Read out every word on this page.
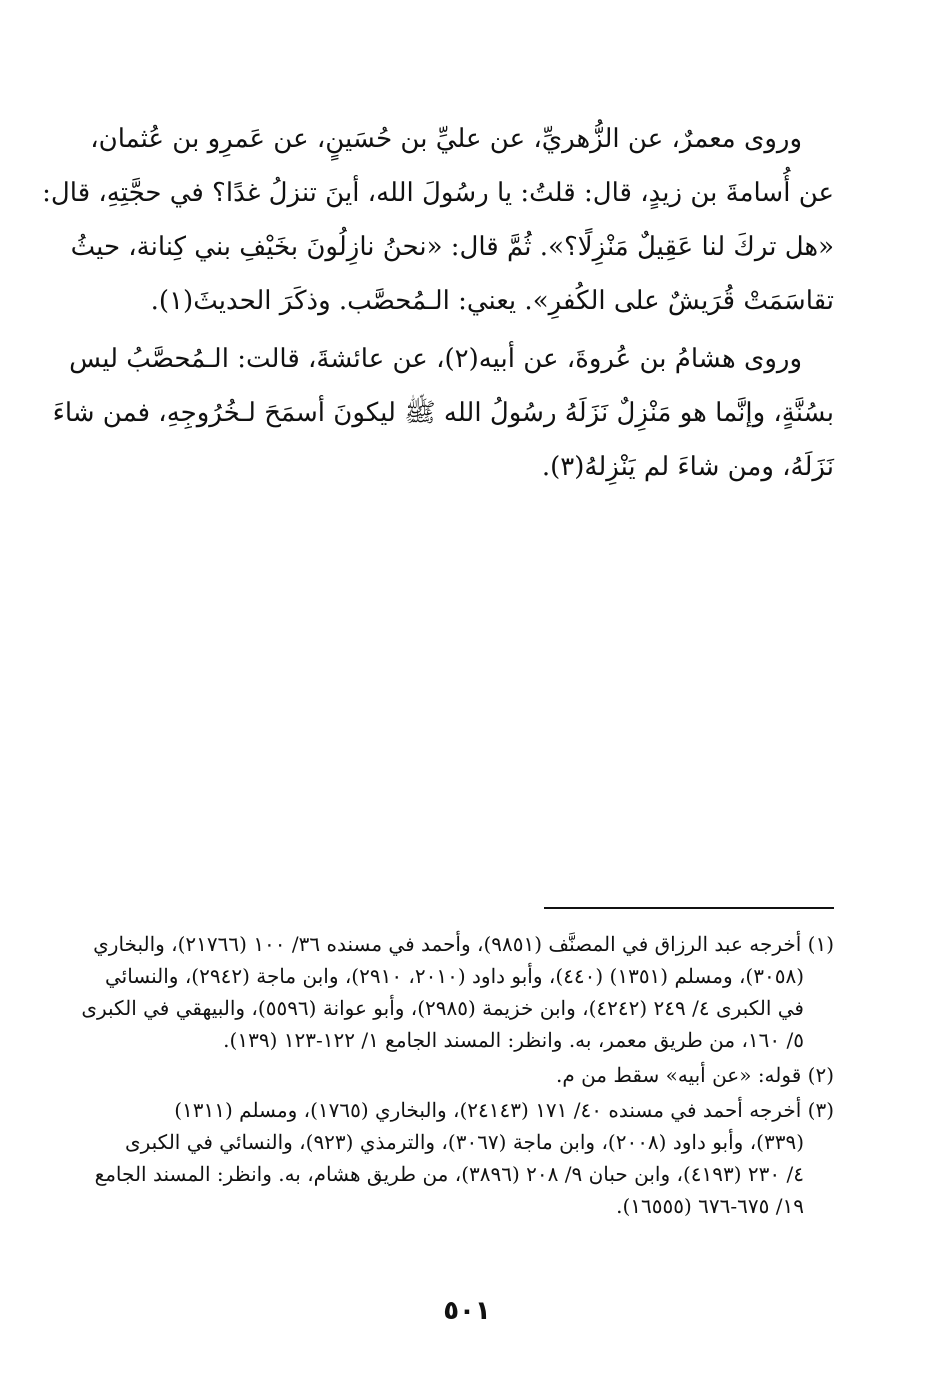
وروى معمرٌ، عن الزُّهريِّ، عن عليِّ بن حُسَينٍ، عن عَمرِو بن عُثمان،
عن أُسامةَ بن زيدٍ، قال: قلتُ: يا رسُولَ الله، أينَ تنزلُ غدًا؟ في حجَّتِهِ، قال:
«هل تركَ لنا عَقِيلٌ مَنْزِلًا؟». ثُمَّ قال: «نحنُ نازِلُونَ بخَيْفِ بني كِنانة، حيثُ
تقاسَمَتْ قُرَيشٌ على الكُفرِ». يعني: الـمُحصَّب. وذكَرَ الحديثَ(١).

وروى هشامُ بن عُروةَ، عن أبيه(٢)، عن عائشةَ، قالت: الـمُحصَّبُ ليس
بسُنَّةٍ، وإنَّما هو مَنْزِلٌ نَزَلَهُ رسُولُ الله ﷺ ليكونَ أسمَحَ لـخُرُوجِهِ، فمن شاءَ
نَزَلَهُ، ومن شاءَ لم يَنْزِلهُ(٣).

(١) أخرجه عبد الرزاق في المصنَّف (٩٨٥١)، وأحمد في مسنده ٣٦/ ١٠٠ (٢١٧٦٦)، والبخاري
(٣٠٥٨)، ومسلم (١٣٥١) (٤٤٠)، وأبو داود (٢٠١٠، ٢٩١٠)، وابن ماجة (٢٩٤٢)، والنسائي
في الكبرى ٤/ ٢٤٩ (٤٢٤٢)، وابن خزيمة (٢٩٨٥)، وأبو عوانة (٥٥٩٦)، والبيهقي في الكبرى
٥/ ١٦٠، من طريق معمر، به. وانظر: المسند الجامع ١/ ١٢٢-١٢٣ (١٣٩).
(٢) قوله: «عن أبيه» سقط من م.
(٣) أخرجه أحمد في مسنده ٤٠/ ١٧١ (٢٤١٤٣)، والبخاري (١٧٦٥)، ومسلم (١٣١١)
(٣٣٩)، وأبو داود (٢٠٠٨)، وابن ماجة (٣٠٦٧)، والترمذي (٩٢٣)، والنسائي في الكبرى
٤/ ٢٣٠ (٤١٩٣)، وابن حبان ٩/ ٢٠٨ (٣٨٩٦)، من طريق هشام، به. وانظر: المسند الجامع
١٩/ ٦٧٥-٦٧٦ (١٦٥٥٥).
٥٠١
